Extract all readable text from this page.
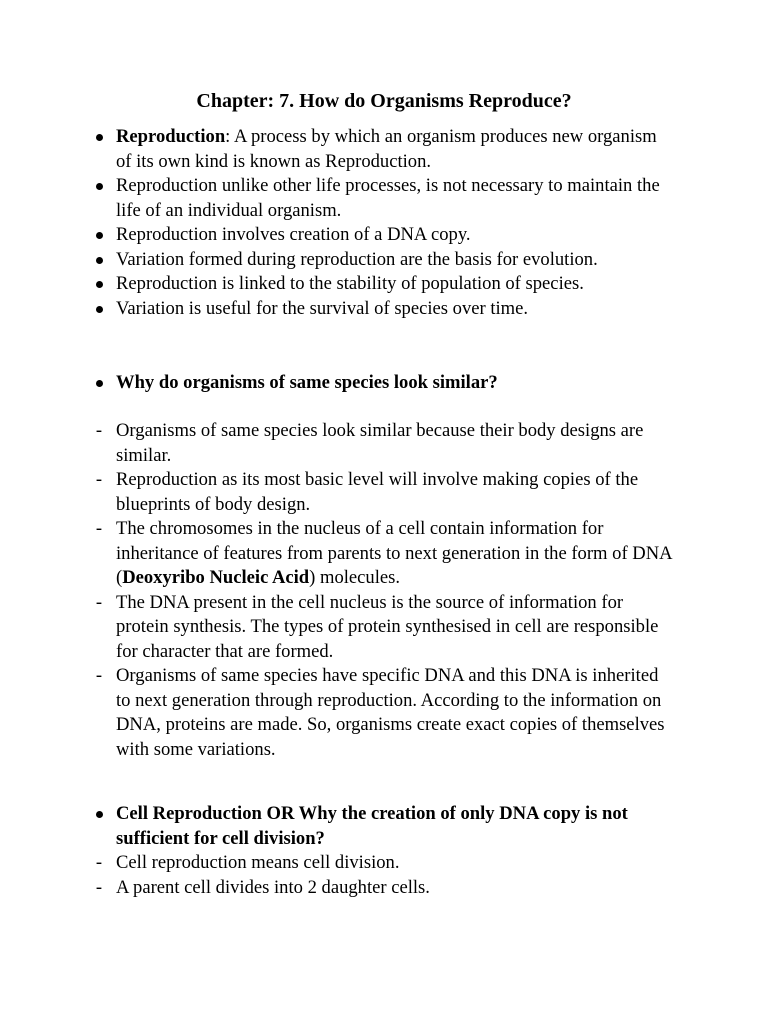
Chapter: 7. How do Organisms Reproduce?
Reproduction: A process by which an organism produces new organism of its own kind is known as Reproduction.
Reproduction unlike other life processes, is not necessary to maintain the life of an individual organism.
Reproduction involves creation of a DNA copy.
Variation formed during reproduction are the basis for evolution.
Reproduction is linked to the stability of population of species.
Variation is useful for the survival of species over time.
Why do organisms of same species look similar?
-
Organisms of same species look similar because their body designs are similar.
-
Reproduction as its most basic level will involve making copies of the blueprints of body design.
-
The chromosomes in the nucleus of a cell contain information for inheritance of features from parents to next generation in the form of DNA (Deoxyribo Nucleic Acid) molecules.
-
The DNA present in the cell nucleus is the source of information for protein synthesis. The types of protein synthesised in cell are responsible for character that are formed.
-
Organisms of same species have specific DNA and this DNA is inherited to next generation through reproduction. According to the information on DNA, proteins are made. So, organisms create exact copies of themselves with some variations.
Cell Reproduction OR Why the creation of only DNA copy is not sufficient for cell division?
-
Cell reproduction means cell division.
-
A parent cell divides into 2 daughter cells.
